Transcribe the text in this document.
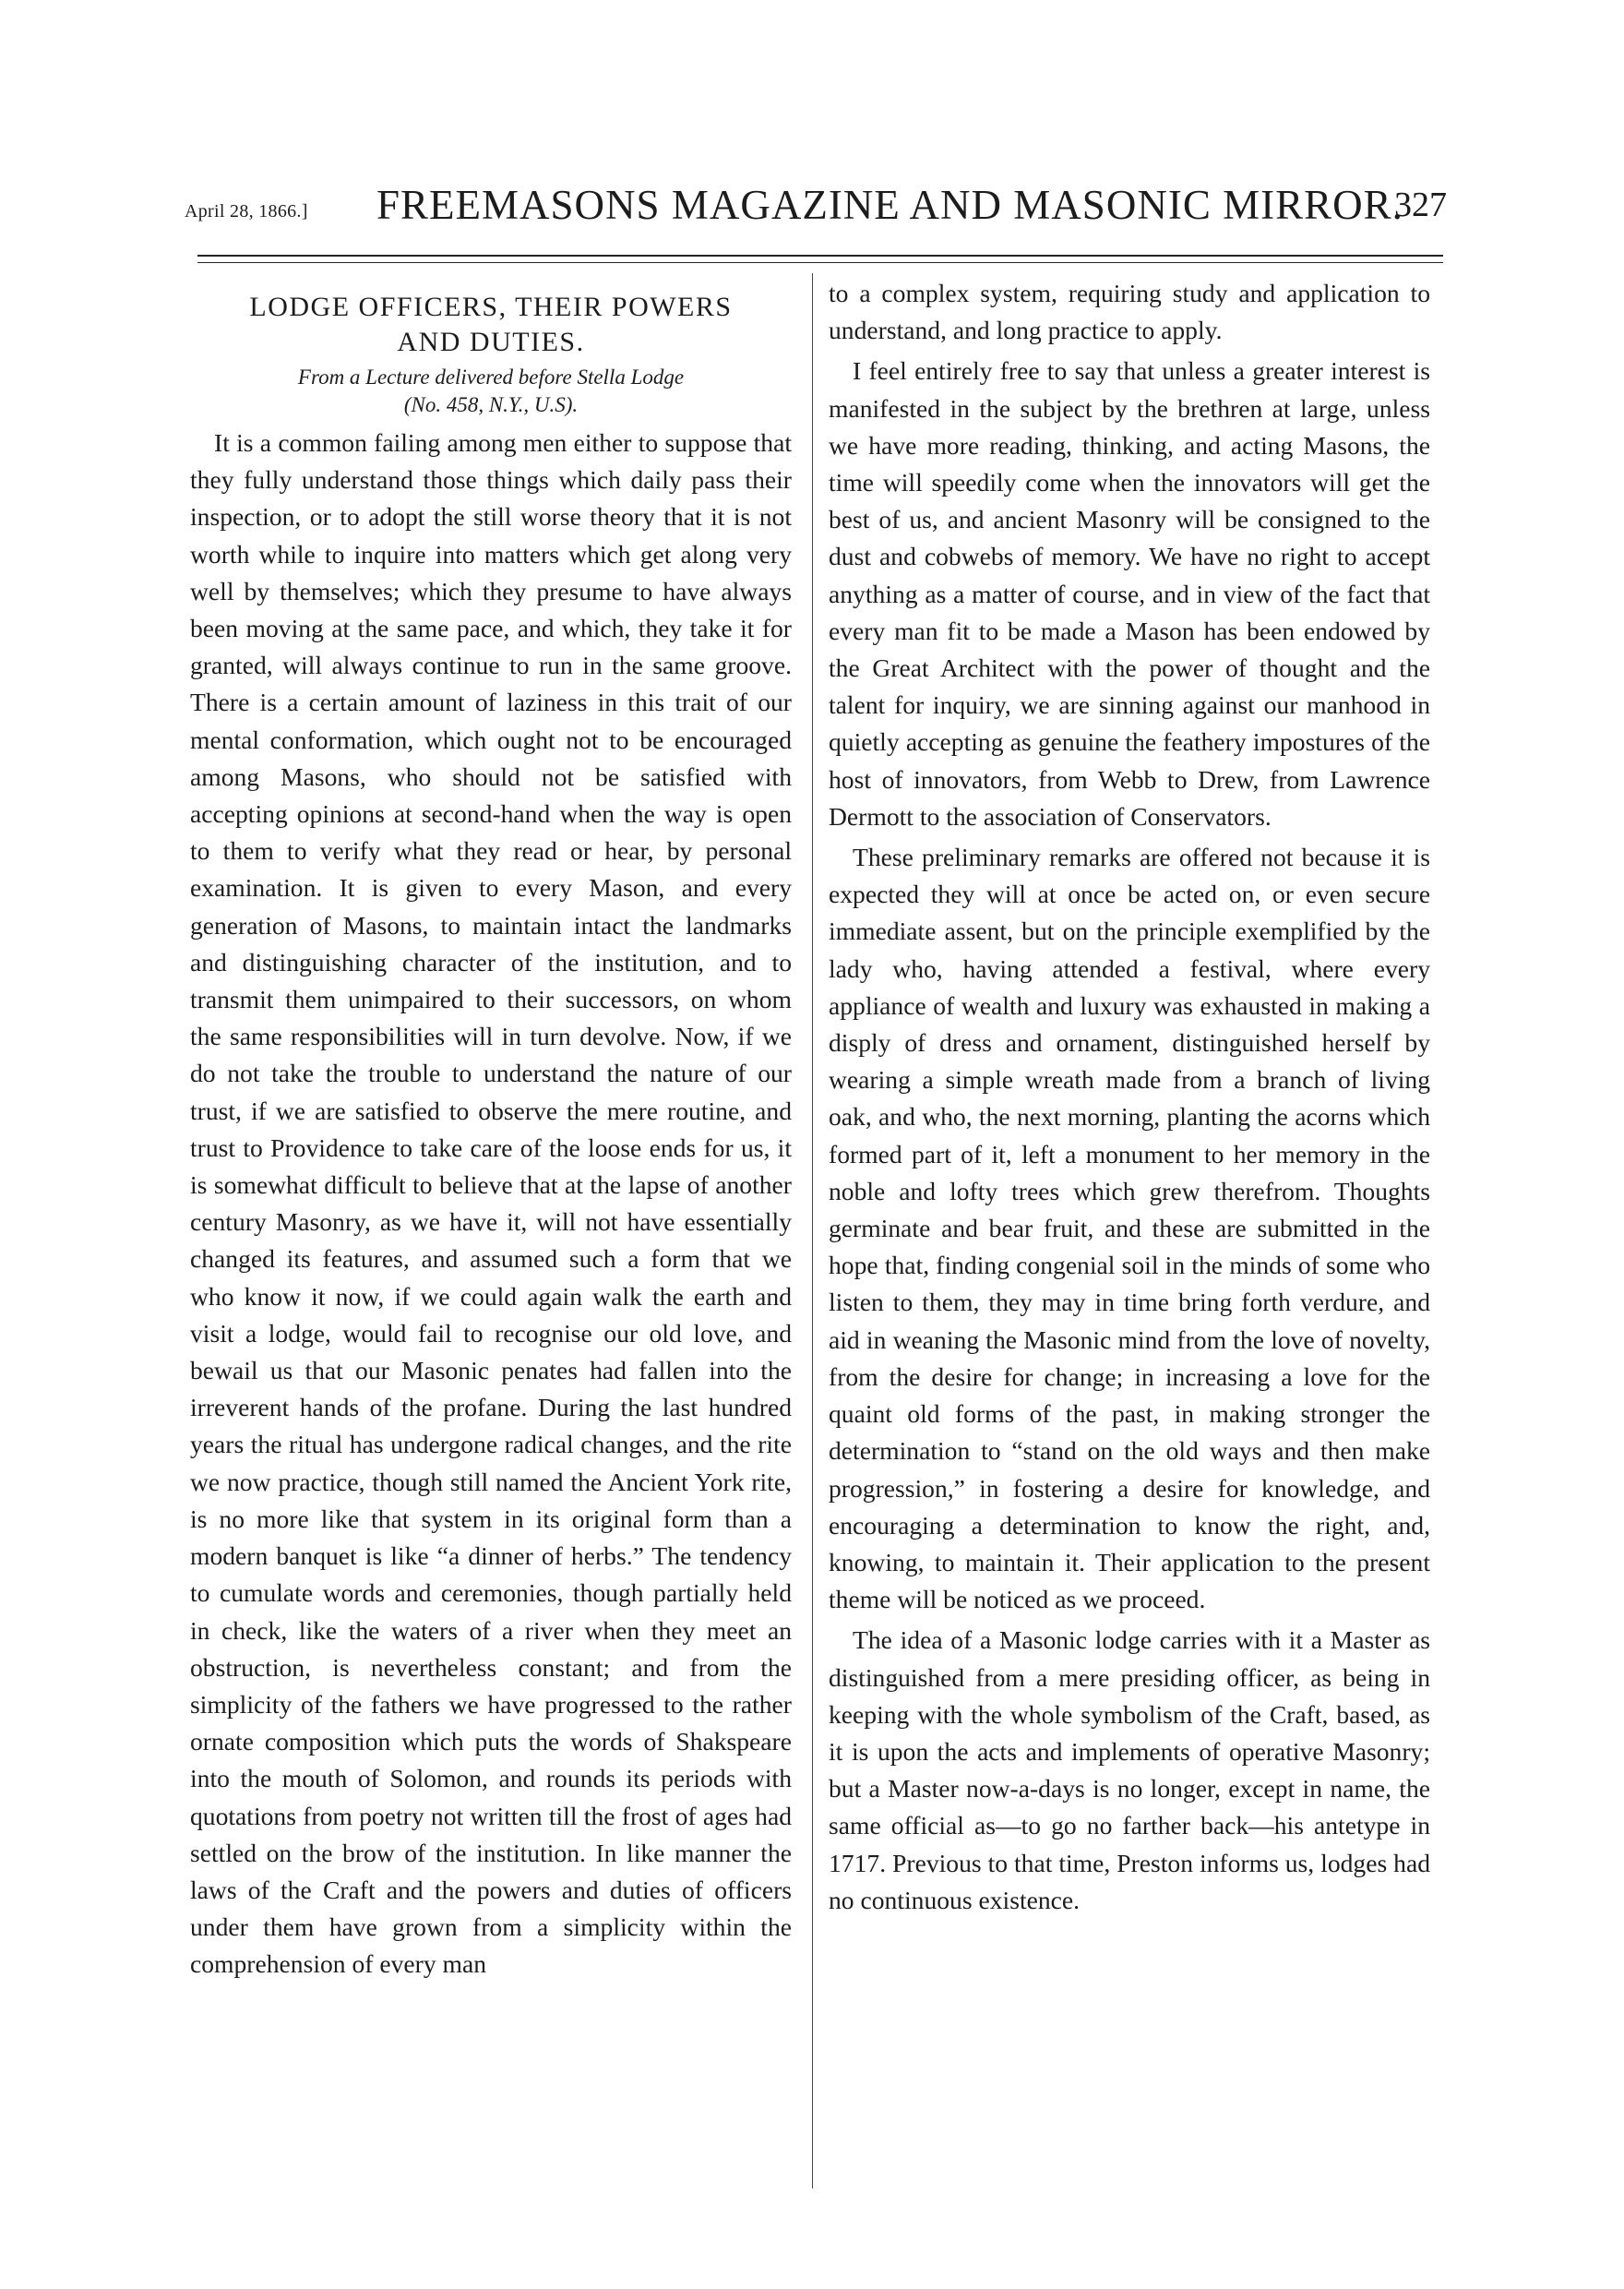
April 28, 1866.] FREEMASONS MAGAZINE AND MASONIC MIRROR.
327
LODGE OFFICERS, THEIR POWERS
AND DUTIES.
From a Lecture delivered before Stella Lodge
(No. 458, N.Y., U.S).

It is a common failing among men either to suppose that they fully understand those things which daily pass their inspection, or to adopt the still worse theory that it is not worth while to inquire into matters which get along very well by themselves; which they presume to have always been moving at the same pace, and which, they take it for granted, will always continue to run in the same groove. There is a certain amount of laziness in this trait of our mental conformation, which ought not to be encouraged among Masons, who should not be satisfied with accepting opinions at second-hand when the way is open to them to verify what they read or hear, by personal examination. It is given to every Mason, and every generation of Masons, to maintain intact the landmarks and distinguishing character of the institution, and to transmit them unimpaired to their successors, on whom the same responsibilities will in turn devolve. Now, if we do not take the trouble to understand the nature of our trust, if we are satisfied to observe the mere routine, and trust to Providence to take care of the loose ends for us, it is somewhat difficult to believe that at the lapse of another century Masonry, as we have it, will not have essentially changed its features, and assumed such a form that we who know it now, if we could again walk the earth and visit a lodge, would fail to recognise our old love, and bewail us that our Masonic penates had fallen into the irreverent hands of the profane. During the last hundred years the ritual has undergone radical changes, and the rite we now practice, though still named the Ancient York rite, is no more like that system in its original form than a modern banquet is like “a dinner of herbs.” The tendency to cumulate words and ceremonies, though partially held in check, like the waters of a river when they meet an obstruction, is nevertheless constant; and from the simplicity of the fathers we have progressed to the rather ornate composition which puts the words of Shakspeare into the mouth of Solomon, and rounds its periods with quotations from poetry not written till the frost of ages had settled on the brow of the institution. In like manner the laws of the Craft and the powers and duties of officers under them have grown from a simplicity within the comprehension of every man

to a complex system, requiring study and application to understand, and long practice to apply.

I feel entirely free to say that unless a greater interest is manifested in the subject by the brethren at large, unless we have more reading, thinking, and acting Masons, the time will speedily come when the innovators will get the best of us, and ancient Masonry will be consigned to the dust and cobwebs of memory. We have no right to accept anything as a matter of course, and in view of the fact that every man fit to be made a Mason has been endowed by the Great Architect with the power of thought and the talent for inquiry, we are sinning against our manhood in quietly accepting as genuine the feathery impostures of the host of innovators, from Webb to Drew, from Lawrence Dermott to the association of Conservators.

These preliminary remarks are offered not because it is expected they will at once be acted on, or even secure immediate assent, but on the principle exemplified by the lady who, having attended a festival, where every appliance of wealth and luxury was exhausted in making a disply of dress and ornament, distinguished herself by wearing a simple wreath made from a branch of living oak, and who, the next morning, planting the acorns which formed part of it, left a monument to her memory in the noble and lofty trees which grew therefrom. Thoughts germinate and bear fruit, and these are submitted in the hope that, finding congenial soil in the minds of some who listen to them, they may in time bring forth verdure, and aid in weaning the Masonic mind from the love of novelty, from the desire for change; in increasing a love for the quaint old forms of the past, in making stronger the determination to “stand on the old ways and then make progression,” in fostering a desire for knowledge, and encouraging a determination to know the right, and, knowing, to maintain it. Their application to the present theme will be noticed as we proceed.

The idea of a Masonic lodge carries with it a Master as distinguished from a mere presiding officer, as being in keeping with the whole symbolism of the Craft, based, as it is upon the acts and implements of operative Masonry; but a Master now-a-days is no longer, except in name, the same official as—to go no farther back—his antetype in 1717. Previous to that time, Preston informs us, lodges had no continuous existence.
